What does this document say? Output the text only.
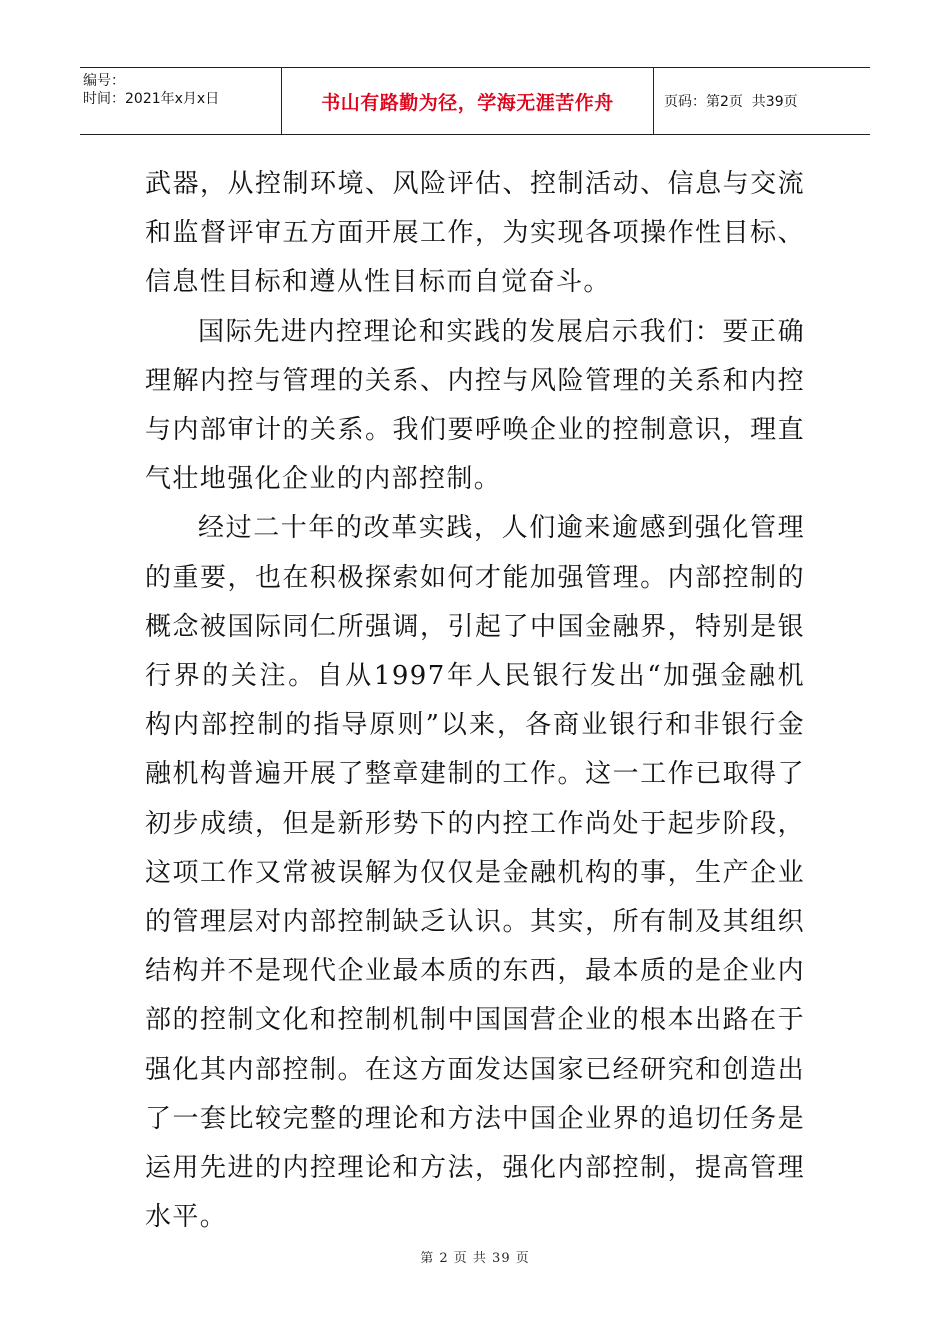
编号：
时间：2021年x月x日	书山有路勤为径，学海无涯苦作舟	页码：第2页  共39页

武器，从控制环境、风险评估、控制活动、信息与交流和监督评审五方面开展工作，为实现各项操作性目标、信息性目标和遵从性目标而自觉奋斗。

国际先进内控理论和实践的发展启示我们：要正确理解内控与管理的关系、内控与风险管理的关系和内控与内部审计的关系。我们要呼唤企业的控制意识，理直气壮地强化企业的内部控制。

经过二十年的改革实践，人们逾来逾感到强化管理的重要，也在积极探索如何才能加强管理。内部控制的概念被国际同仁所强调，引起了中国金融界，特别是银行界的关注。自从1997年人民银行发出“加强金融机构内部控制的指导原则”以来，各商业银行和非银行金融机构普遍开展了整章建制的工作。这一工作已取得了初步成绩，但是新形势下的内控工作尚处于起步阶段，这项工作又常被误解为仅仅是金融机构的事，生产企业的管理层对内部控制缺乏认识。其实，所有制及其组织结构并不是现代企业最本质的东西，最本质的是企业内部的控制文化和控制机制中国国营企业的根本出路在于强化其内部控制。在这方面发达国家已经研究和创造出了一套比较完整的理论和方法中国企业界的追切任务是运用先进的内控理论和方法，强化内部控制，提高管理水平。

第 2 页 共 39 页
